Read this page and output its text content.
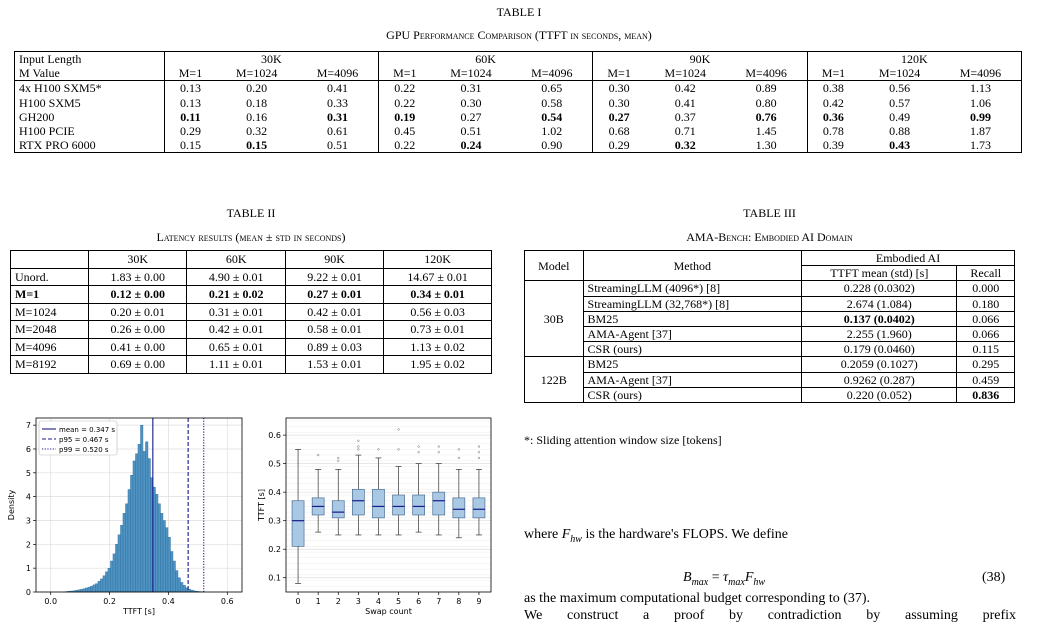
TABLE I
GPU Performance Comparison (TTFT in seconds, mean)
Input Length	30K			60K			90K			120K		
M Value	M=1	M=1024	M=4096	M=1	M=1024	M=4096	M=1	M=1024	M=4096	M=1	M=1024	M=4096
4x H100 SXM5*	0.13	0.20	0.41	0.22	0.31	0.65	0.30	0.42	0.89	0.38	0.56	1.13
H100 SXM5	0.13	0.18	0.33	0.22	0.30	0.58	0.30	0.41	0.80	0.42	0.57	1.06
GH200	0.11	0.16	0.31	0.19	0.27	0.54	0.27	0.37	0.76	0.36	0.49	0.99
H100 PCIE	0.29	0.32	0.61	0.45	0.51	1.02	0.68	0.71	1.45	0.78	0.88	1.87
RTX PRO 6000	0.15	0.15	0.51	0.22	0.24	0.90	0.29	0.32	1.30	0.39	0.43	1.73
TABLE II
Latency results (mean ± std in seconds)
	30K	60K	90K	120K
Unord.	1.83 ± 0.00	4.90 ± 0.01	9.22 ± 0.01	14.67 ± 0.01
M=1	0.12 ± 0.00	0.21 ± 0.02	0.27 ± 0.01	0.34 ± 0.01
M=1024	0.20 ± 0.01	0.31 ± 0.01	0.42 ± 0.01	0.56 ± 0.03
M=2048	0.26 ± 0.00	0.42 ± 0.01	0.58 ± 0.01	0.73 ± 0.01
M=4096	0.41 ± 0.00	0.65 ± 0.01	0.89 ± 0.03	1.13 ± 0.02
M=8192	0.69 ± 0.00	1.11 ± 0.01	1.53 ± 0.01	1.95 ± 0.02
TABLE III
AMA-Bench: Embodied AI Domain
Model	Method	Embodied AI	
		TTFT mean (std) [s]	Recall
30B	StreamingLLM (4096*) [8]	0.228 (0.0302)	0.000
	StreamingLLM (32,768*) [8]	2.674 (1.084)	0.180
	BM25	0.137 (0.0402)	0.066
	AMA-Agent [37]	2.255 (1.960)	0.066
	CSR (ours)	0.179 (0.0460)	0.115
122B	BM25	0.2059 (0.1027)	0.295
	AMA-Agent [37]	0.9262 (0.287)	0.459
	CSR (ours)	0.220 (0.052)	0.836
*: Sliding attention window size [tokens]
0
1
2
3
4
5
6
7
0.0	0.2	0.4	0.6
TTFT [s]
Density
mean = 0.347 s
p95 = 0.467 s
p99 = 0.520 s
0.1
0.2
0.3
0.4
0.5
0.6
0 1 2 3 4 5 6 7 8 9
Swap count
TTFT [s]
where $F_{hw}$ is the hardware's FLOPS. We define
$B_{max} = \tau_{max}F_{hw}$	(38)
as the maximum computational budget corresponding to (37).
We construct a proof by contradiction by assuming prefix
